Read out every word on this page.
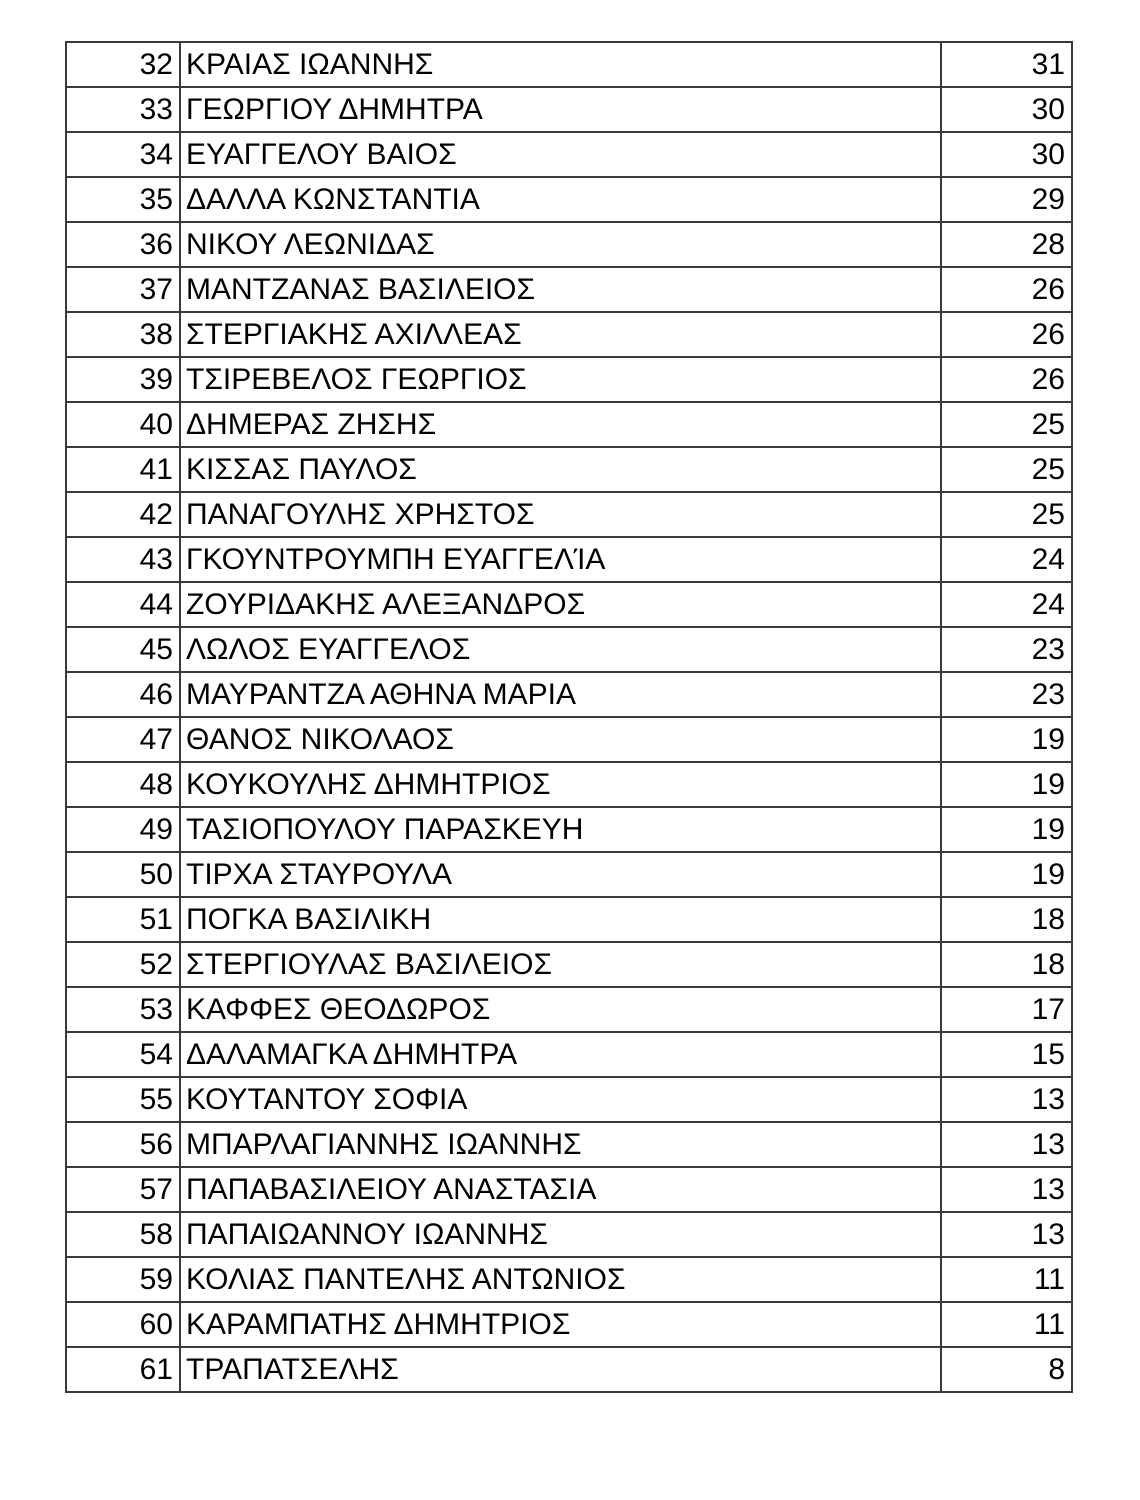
32	ΚΡΑΙΑΣ ΙΩΑΝΝΗΣ	31
33	ΓΕΩΡΓΙΟΥ ΔΗΜΗΤΡΑ	30
34	ΕΥΑΓΓΕΛΟΥ ΒΑΙΟΣ	30
35	ΔΑΛΛΑ ΚΩΝΣΤΑΝΤΙΑ	29
36	ΝΙΚΟΥ ΛΕΩΝΙΔΑΣ	28
37	ΜΑΝΤΖΑΝΑΣ ΒΑΣΙΛΕΙΟΣ	26
38	ΣΤΕΡΓΙΑΚΗΣ ΑΧΙΛΛΕΑΣ	26
39	ΤΣΙΡΕΒΕΛΟΣ ΓΕΩΡΓΙΟΣ	26
40	ΔΗΜΕΡΑΣ ΖΗΣΗΣ	25
41	ΚΙΣΣΑΣ ΠΑΥΛΟΣ	25
42	ΠΑΝΑΓΟΥΛΗΣ ΧΡΗΣΤΟΣ	25
43	ΓΚΟΥΝΤΡΟΥΜΠΗ ΕΥΑΓΓΕΛΊΑ	24
44	ΖΟΥΡΙΔΑΚΗΣ ΑΛΕΞΑΝΔΡΟΣ	24
45	ΛΩΛΟΣ ΕΥΑΓΓΕΛΟΣ	23
46	ΜΑΥΡΑΝΤΖΑ ΑΘΗΝΑ ΜΑΡΙΑ	23
47	ΘΑΝΟΣ ΝΙΚΟΛΑΟΣ	19
48	ΚΟΥΚΟΥΛΗΣ ΔΗΜΗΤΡΙΟΣ	19
49	ΤΑΣΙΟΠΟΥΛΟΥ ΠΑΡΑΣΚΕΥΗ	19
50	ΤΙΡΧΑ ΣΤΑΥΡΟΥΛΑ	19
51	ΠΟΓΚΑ ΒΑΣΙΛΙΚΗ	18
52	ΣΤΕΡΓΙΟΥΛΑΣ ΒΑΣΙΛΕΙΟΣ	18
53	ΚΑΦΦΕΣ ΘΕΟΔΩΡΟΣ	17
54	ΔΑΛΑΜΑΓΚΑ ΔΗΜΗΤΡΑ	15
55	ΚΟΥΤΑΝΤΟΥ ΣΟΦΙΑ	13
56	ΜΠΑΡΛΑΓΙΑΝΝΗΣ ΙΩΑΝΝΗΣ	13
57	ΠΑΠΑΒΑΣΙΛΕΙΟΥ ΑΝΑΣΤΑΣΙΑ	13
58	ΠΑΠΑΙΩΑΝΝΟΥ ΙΩΑΝΝΗΣ	13
59	ΚΟΛΙΑΣ ΠΑΝΤΕΛΗΣ ΑΝΤΩΝΙΟΣ	11
60	ΚΑΡΑΜΠΑΤΗΣ ΔΗΜΗΤΡΙΟΣ	11
61	ΤΡΑΠΑΤΣΕΛΗΣ	8
